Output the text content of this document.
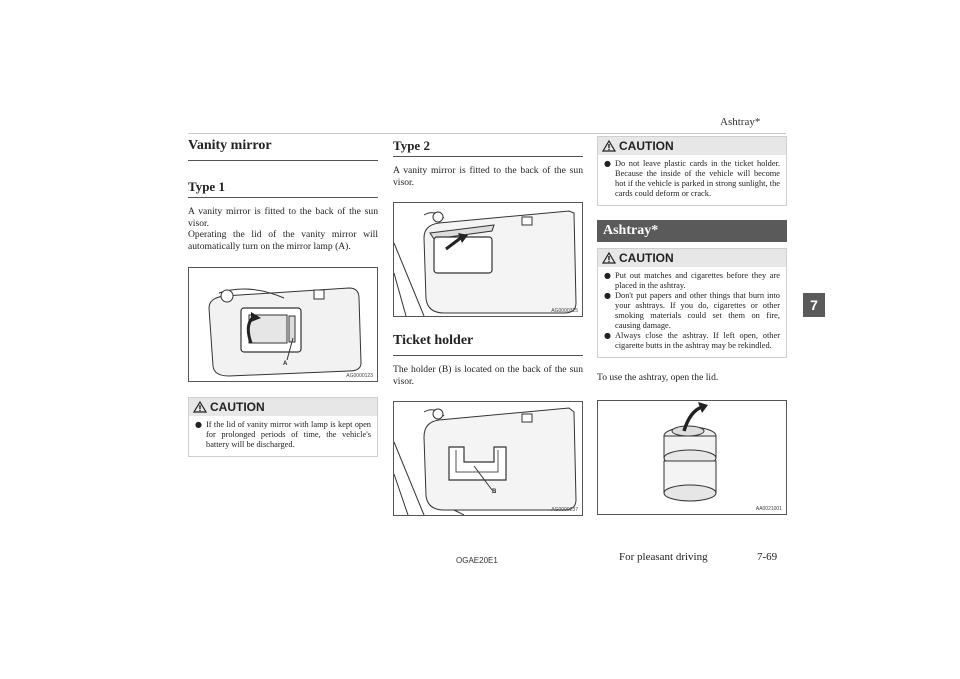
Ashtray*
7
Vanity mirror
Type 1

A vanity mirror is fitted to the back of the sun visor.

Operating the lid of the vanity mirror will automatically turn on the mirror lamp (A).

A
AG0000123
CAUTION
● If the lid of vanity mirror with lamp is kept open for prolonged periods of time, the vehicle's battery will be discharged.
Type 2

A vanity mirror is fitted to the back of the sun visor.

AG0000325
Ticket holder

The holder (B) is located on the back of the sun visor.

B
AG0000237
CAUTION
● Do not leave plastic cards in the ticket holder. Because the inside of the vehicle will become hot if the vehicle is parked in strong sunlight, the cards could deform or crack.
Ashtray*
CAUTION
● Put out matches and cigarettes before they are placed in the ashtray.
● Don't put papers and other things that burn into your ashtrays. If you do, cigarettes or other smoking materials could set them on fire, causing damage.
● Always close the ashtray. If left open, other cigarette butts in the ashtray may be rekindled.

To use the ashtray, open the lid.

AA0021001
OGAE20E1	For pleasant driving	7-69
